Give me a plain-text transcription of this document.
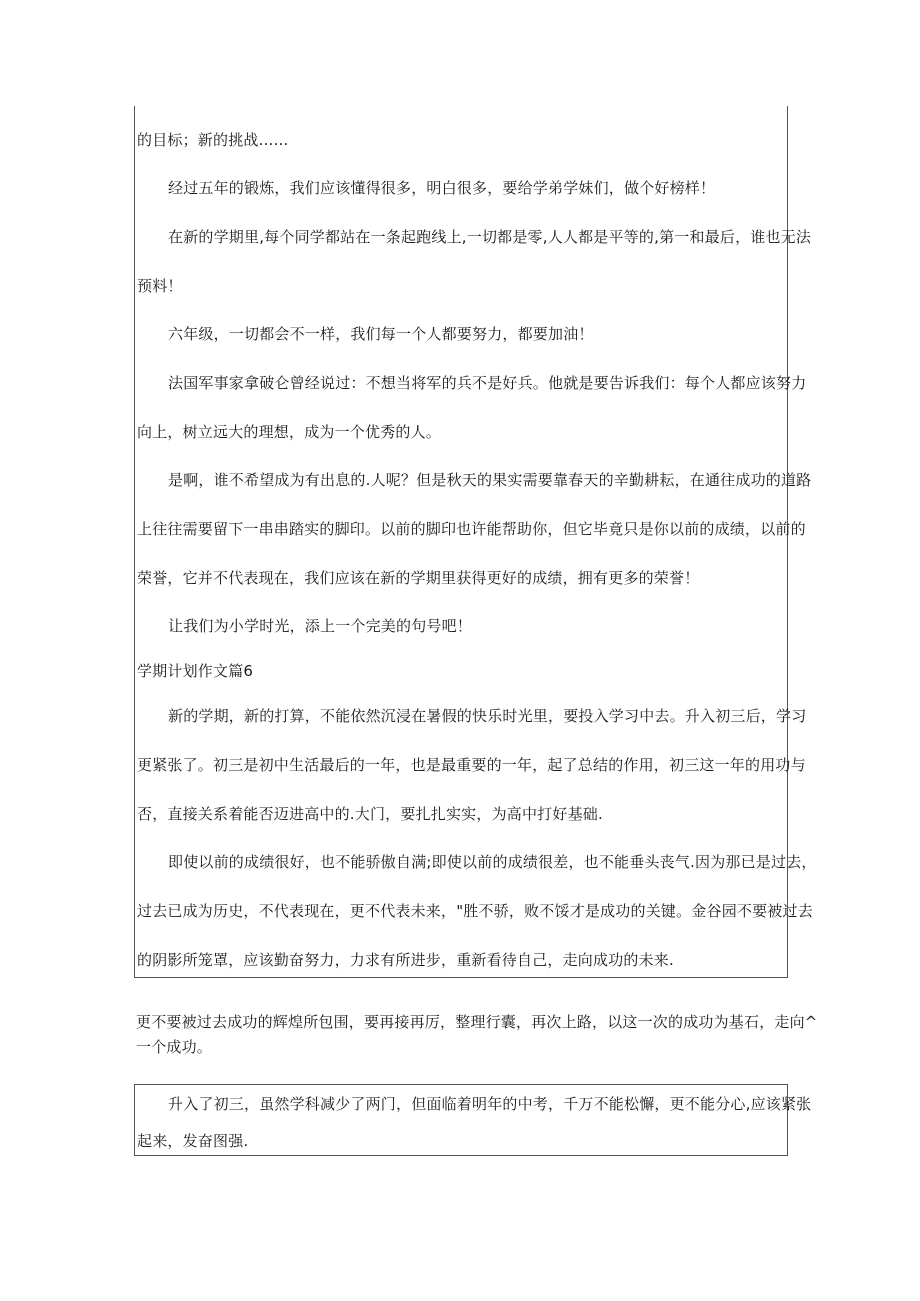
的目标；新的挑战......
经过五年的锻炼，我们应该懂得很多，明白很多，要给学弟学妹们，做个好榜样！
在新的学期里,每个同学都站在一条起跑线上,一切都是零,人人都是平等的,第一和最后，谁也无法
预料！
六年级，一切都会不一样，我们每一个人都要努力，都要加油！
法国军事家拿破仑曾经说过：不想当将军的兵不是好兵。他就是要告诉我们：每个人都应该努力
向上，树立远大的理想，成为一个优秀的人。
是啊，谁不希望成为有出息的.人呢？但是秋天的果实需要靠春天的辛勤耕耘，在通往成功的道路
上往往需要留下一串串踏实的脚印。以前的脚印也许能帮助你，但它毕竟只是你以前的成绩，以前的
荣誉，它并不代表现在，我们应该在新的学期里获得更好的成绩，拥有更多的荣誉！
让我们为小学时光，添上一个完美的句号吧！
学期计划作文篇6
新的学期，新的打算，不能依然沉浸在暑假的快乐时光里，要投入学习中去。升入初三后，学习
更紧张了。初三是初中生活最后的一年，也是最重要的一年，起了总结的作用，初三这一年的用功与
否，直接关系着能否迈进高中的.大门，要扎扎实实，为高中打好基础.
即使以前的成绩很好，也不能骄傲自满;即使以前的成绩很差，也不能垂头丧气.因为那已是过去，
过去已成为历史，不代表现在，更不代表未来，"胜不骄，败不馁才是成功的关键。金谷园不要被过去
的阴影所笼罩，应该勤奋努力，力求有所进步，重新看待自己，走向成功的未来.
更不要被过去成功的辉煌所包围，要再接再厉，整理行囊，再次上路，以这一次的成功为基石，走向^
一个成功。
升入了初三，虽然学科减少了两门，但面临着明年的中考，千万不能松懈，更不能分心,应该紧张
起来，发奋图强.
